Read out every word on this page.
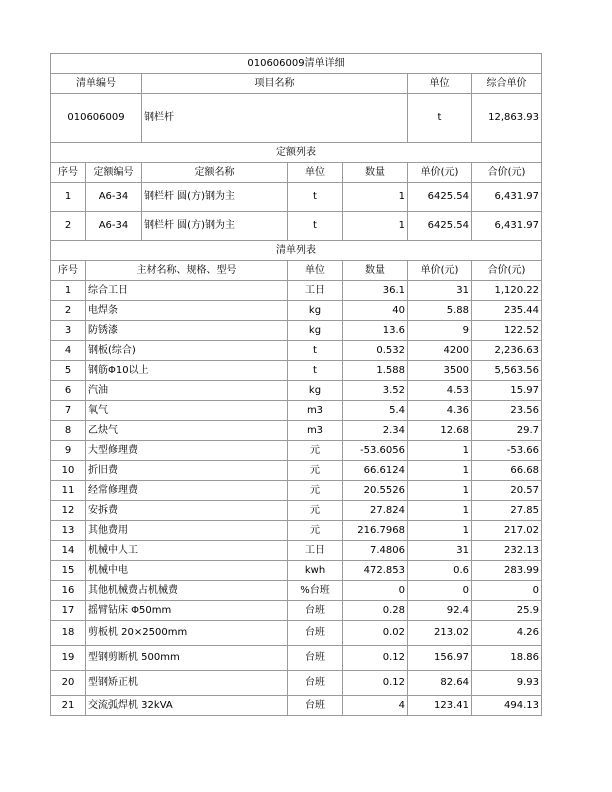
010606009清单详细						
清单编号		项目名称			单位	综合单价
010606009		钢栏杆			t	12,863.93
定额列表						
序号	定额编号	定额名称	单位	数量	单价(元)	合价(元)
1	A6-34	钢栏杆 圆(方)钢为主	t	1	6425.54	6,431.97
2	A6-34	钢栏杆 圆(方)钢为主	t	1	6425.54	6,431.97
清单列表						
序号	主材名称、规格、型号		单位	数量	单价(元)	合价(元)
1	综合工日		工日	36.1	31	1,120.22
2	电焊条		kg	40	5.88	235.44
3	防锈漆		kg	13.6	9	122.52
4	钢板(综合)		t	0.532	4200	2,236.63
5	钢筋Φ10以上		t	1.588	3500	5,563.56
6	汽油		kg	3.52	4.53	15.97
7	氧气		m3	5.4	4.36	23.56
8	乙炔气		m3	2.34	12.68	29.7
9	大型修理费		元	-53.6056	1	-53.66
10	折旧费		元	66.6124	1	66.68
11	经常修理费		元	20.5526	1	20.57
12	安拆费		元	27.824	1	27.85
13	其他费用		元	216.7968	1	217.02
14	机械中人工		工日	7.4806	31	232.13
15	机械中电		kwh	472.853	0.6	283.99
16	其他机械费占机械费		%台班	0	0	0
17	摇臂钻床 Φ50mm		台班	0.28	92.4	25.9
18	剪板机 20×2500mm		台班	0.02	213.02	4.26
19	型钢剪断机 500mm		台班	0.12	156.97	18.86
20	型钢矫正机		台班	0.12	82.64	9.93
21	交流弧焊机 32kVA		台班	4	123.41	494.13
